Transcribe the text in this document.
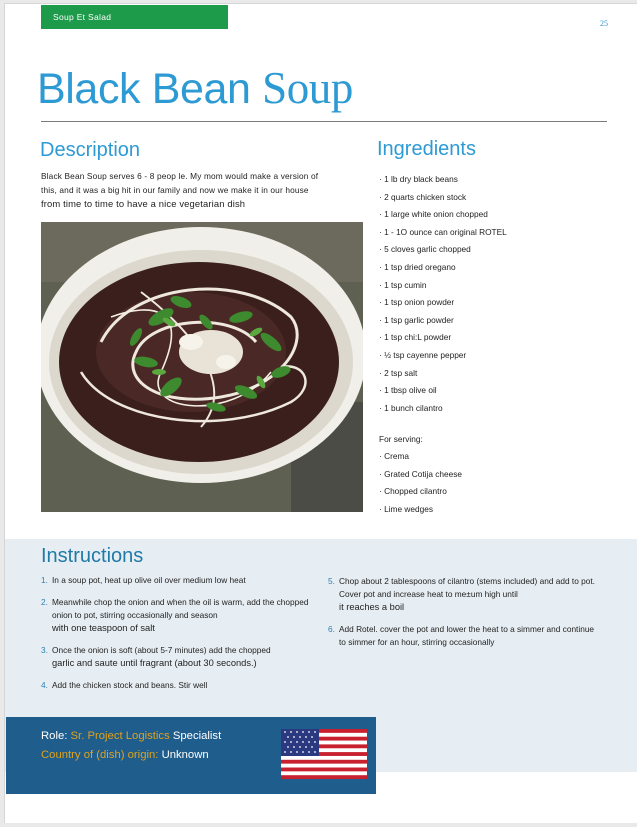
Soup Et Salad
25
Black Bean Soup
Description
Black Bean Soup serves 6 - 8 peop le. My mom would make a version of
this, and it was a big hit in our family and now we make it in our house
from time to time to have a nice vegetarian dish
Ingredients
· 1 lb dry black beans
· 2 quarts chicken stock
· 1 large white onion chopped
· 1 - 1O ounce can original ROTEL
· 5 cloves garlic chopped
· 1 tsp dried oregano
· 1 tsp cumin
· 1 tsp onion powder
· 1 tsp garlic powder
· 1 tsp chi:L powder
· ½ tsp cayenne pepper
· 2 tsp salt
· 1 tbsp olive oil
· 1 bunch cilantro
For serving:
· Crema
· Grated Cotija cheese
· Chopped cilantro
· Lime wedges
Instructions
1. In a soup pot, heat up olive oil over medium low heat
2. Meanwhile chop the onion and when the oil is warm, add the chopped onion to pot, stirring occasionally and season
with one teaspoon of salt
3. Once the onion is soft (about 5-7 minutes) add the chopped
garlic and saute until fragrant (about 30 seconds.)
4. Add the chicken stock and beans. Stir well
5. Chop about 2 tablespoons of cilantro (stems included) and add to pot. Cover pot and increase heat to me±um high until
it reaches a boil
6. Add Rotel. cover the pot and lower the heat to a simmer and continue to simmer for an hour, stirring occasionally
Role: Sr. Project Logistics Specialist
Country of (dish) origin: Unknown
